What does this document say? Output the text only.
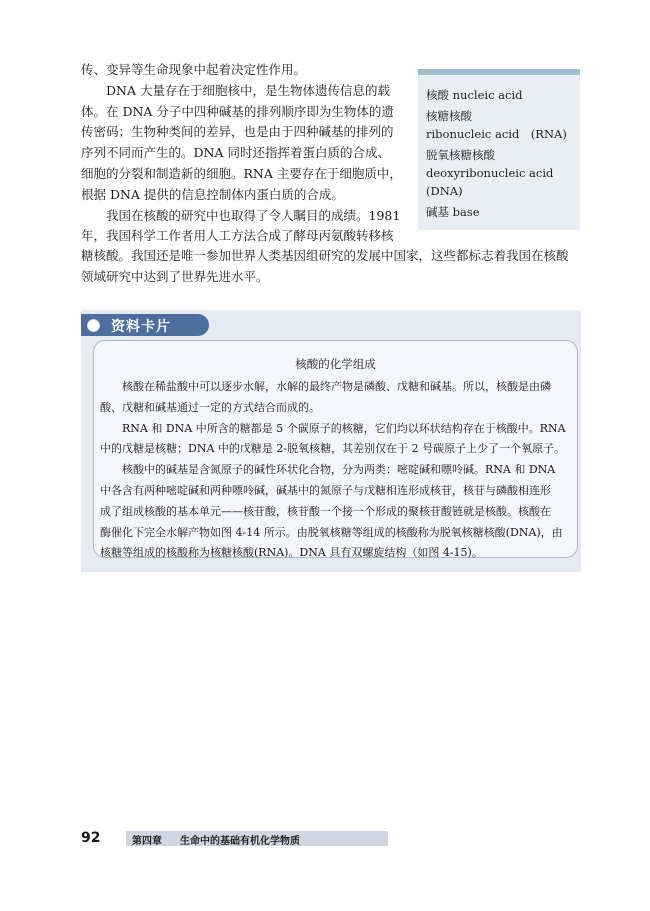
传、变异等生命现象中起着决定性作用。
DNA 大量存在于细胞核中，是生物体遗传信息的载
体。在 DNA 分子中四种碱基的排列顺序即为生物体的遗
传密码；生物种类间的差异，也是由于四种碱基的排列的
序列不同而产生的。DNA 同时还指挥着蛋白质的合成、
细胞的分裂和制造新的细胞。RNA 主要存在于细胞质中，
根据 DNA 提供的信息控制体内蛋白质的合成。
我国在核酸的研究中也取得了令人瞩目的成绩。1981
年，我国科学工作者用人工方法合成了酵母丙氨酸转移核
糖核酸。我国还是唯一参加世界人类基因组研究的发展中国家，这些都标志着我国在核酸
领域研究中达到了世界先进水平。
核酸 nucleic acid
核糖核酸
ribonucleic acid　(RNA)
脱氧核糖核酸
deoxyribonucleic acid
(DNA)
碱基 base
资料卡片
核酸的化学组成
核酸在稀盐酸中可以逐步水解，水解的最终产物是磷酸、戊糖和碱基。所以，核酸是由磷
酸、戊糖和碱基通过一定的方式结合而成的。
RNA 和 DNA 中所含的糖都是 5 个碳原子的核糖，它们均以环状结构存在于核酸中。RNA
中的戊糖是核糖；DNA 中的戊糖是 2-脱氧核糖，其差别仅在于 2 号碳原子上少了一个氧原子。
核酸中的碱基是含氮原子的碱性环状化合物，分为两类：嘧啶碱和嘌呤碱。RNA 和 DNA
中各含有两种嘧啶碱和两种嘌呤碱，碱基中的氮原子与戊糖相连形成核苷，核苷与磷酸相连形
成了组成核酸的基本单元——核苷酸，核苷酸一个接一个形成的聚核苷酸链就是核酸。核酸在
酶催化下完全水解产物如图 4-14 所示。由脱氧核糖等组成的核酸称为脱氧核糖核酸(DNA)，由
核糖等组成的核酸称为核糖核酸(RNA)。DNA 具有双螺旋结构（如图 4-15)。
92	第四章 生命中的基础有机化学物质
